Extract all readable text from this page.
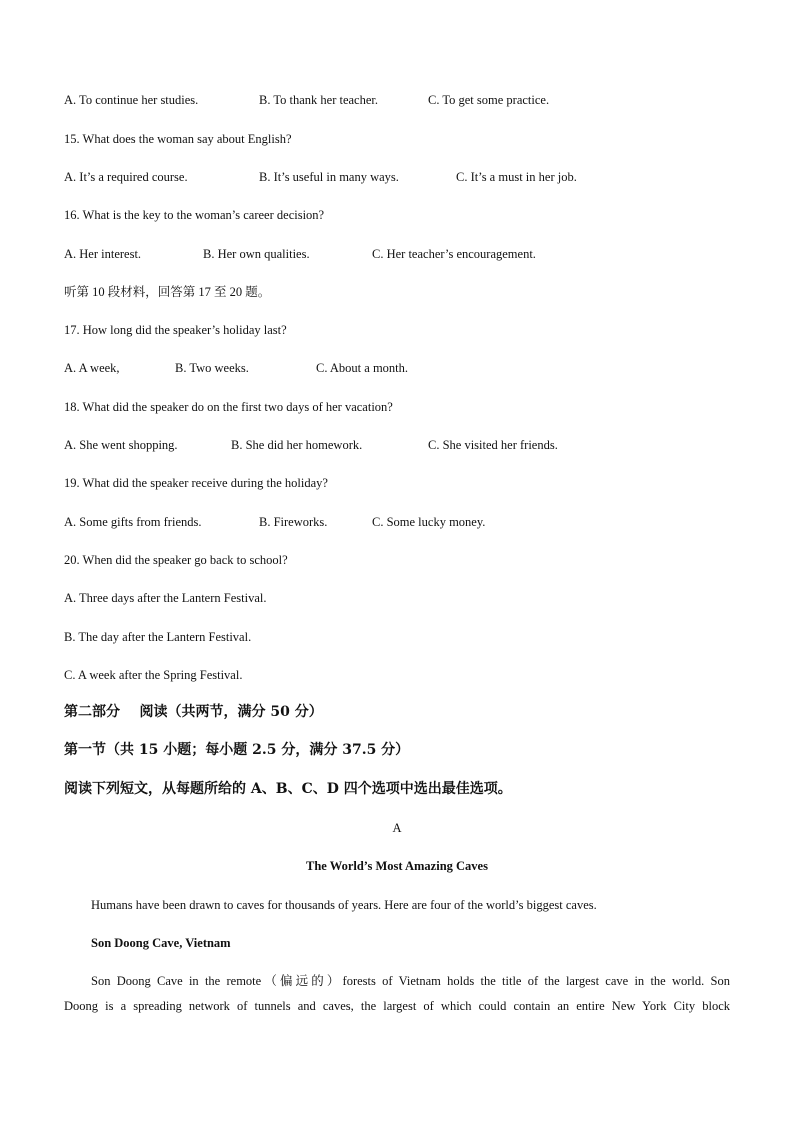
A. To continue her studies.	B. To thank her teacher.	C. To get some practice.
15. What does the woman say about English?
A. It’s a required course.	B. It’s useful in many ways.	C. It’s a must in her job.
16. What is the key to the woman’s career decision?
A. Her interest.	B. Her own qualities.	C. Her teacher’s encouragement.
听第 10 段材料，回答第 17 至 20 题。
17. How long did the speaker’s holiday last?
A. A week,	B. Two weeks.	C. About a month.
18. What did the speaker do on the first two days of her vacation?
A. She went shopping.	B. She did her homework.	C. She visited her friends.
19. What did the speaker receive during the holiday?
A. Some gifts from friends.	B. Fireworks.	C. Some lucky money.
20. When did the speaker go back to school?
A. Three days after the Lantern Festival.
B. The day after the Lantern Festival.
C. A week after the Spring Festival.
第二部分    阅读（共两节，满分 50 分）
第一节（共 15 小题；每小题 2.5 分，满分 37.5 分）
阅读下列短文，从每题所给的 A、B、C、D 四个选项中选出最佳选项。
A
The World’s Most Amazing Caves
Humans have been drawn to caves for thousands of years. Here are four of the world’s biggest caves.
Son Doong Cave, Vietnam
Son Doong Cave in the remote（偏远的）forests of Vietnam holds the title of the largest cave in the world. Son
Doong is a spreading network of tunnels and caves, the largest of which could contain an entire New York City block
